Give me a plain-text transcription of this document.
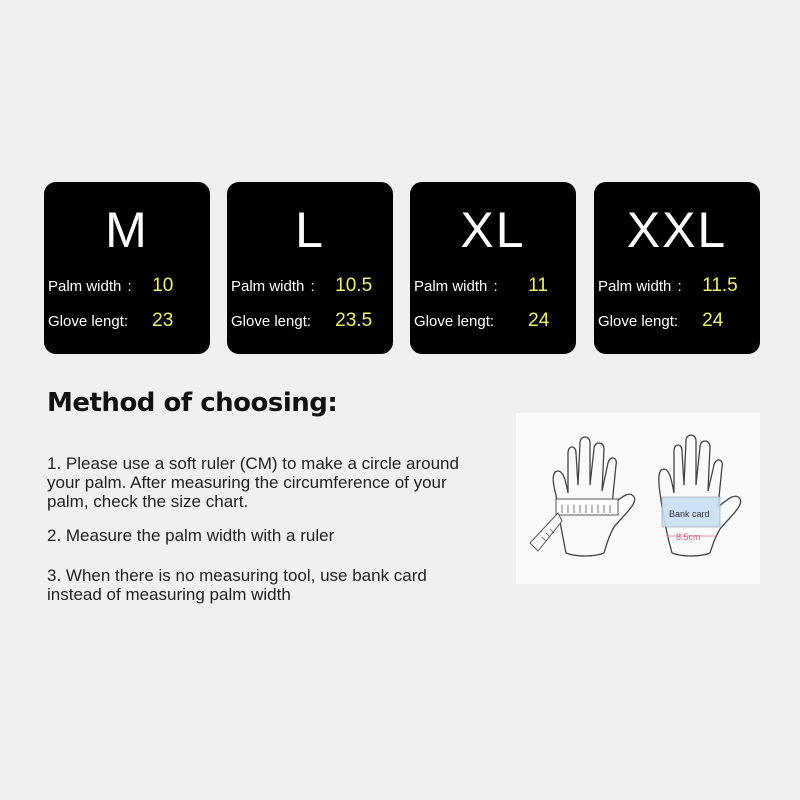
M
Palm width : 10
Glove lengt: 23
L
Palm width : 10.5
Glove lengt: 23.5
XL
Palm width : 11
Glove lengt: 24
XXL
Palm width : 11.5
Glove lengt: 24
Method of choosing:
1. Please use a soft ruler (CM) to make a circle around your palm. After measuring the circumference of your palm, check the size chart.
2. Measure the palm width with a ruler
3. When there is no measuring tool, use bank card instead of measuring palm width
Bank card
8.5cm
